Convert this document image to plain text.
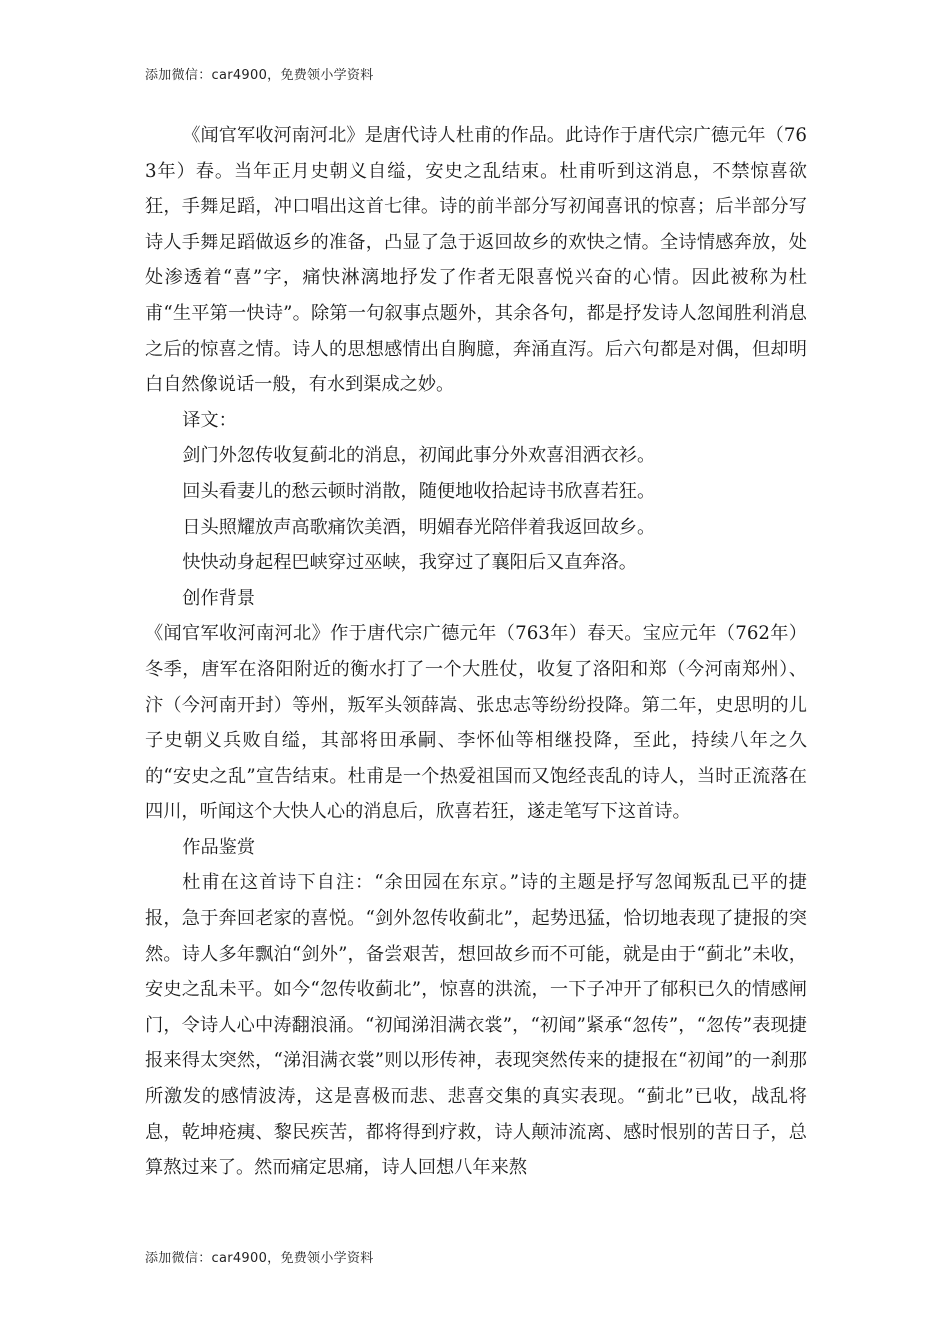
添加微信：car4900，免费领小学资料

《闻官军收河南河北》是唐代诗人杜甫的作品。此诗作于唐代宗广德元年（763年）春。当年正月史朝义自缢，安史之乱结束。杜甫听到这消息，不禁惊喜欲狂，手舞足蹈，冲口唱出这首七律。诗的前半部分写初闻喜讯的惊喜；后半部分写诗人手舞足蹈做返乡的准备，凸显了急于返回故乡的欢快之情。全诗情感奔放，处处渗透着“喜”字，痛快淋漓地抒发了作者无限喜悦兴奋的心情。因此被称为杜甫“生平第一快诗”。除第一句叙事点题外，其余各句，都是抒发诗人忽闻胜利消息之后的惊喜之情。诗人的思想感情出自胸臆，奔涌直泻。后六句都是对偶，但却明白自然像说话一般，有水到渠成之妙。

译文：

剑门外忽传收复蓟北的消息，初闻此事分外欢喜泪洒衣衫。

回头看妻儿的愁云顿时消散，随便地收拾起诗书欣喜若狂。

日头照耀放声高歌痛饮美酒，明媚春光陪伴着我返回故乡。

快快动身起程巴峡穿过巫峡，我穿过了襄阳后又直奔洛。

创作背景

《闻官军收河南河北》作于唐代宗广德元年（763年）春天。宝应元年（762年）冬季，唐军在洛阳附近的衡水打了一个大胜仗，收复了洛阳和郑（今河南郑州）、汴（今河南开封）等州，叛军头领薛嵩、张忠志等纷纷投降。第二年，史思明的儿子史朝义兵败自缢，其部将田承嗣、李怀仙等相继投降，至此，持续八年之久的“安史之乱”宣告结束。杜甫是一个热爱祖国而又饱经丧乱的诗人，当时正流落在四川，听闻这个大快人心的消息后，欣喜若狂，遂走笔写下这首诗。

作品鉴赏

杜甫在这首诗下自注：“余田园在东京。”诗的主题是抒写忽闻叛乱已平的捷报，急于奔回老家的喜悦。“剑外忽传收蓟北”，起势迅猛，恰切地表现了捷报的突然。诗人多年飘泊“剑外”，备尝艰苦，想回故乡而不可能，就是由于“蓟北”未收，安史之乱未平。如今“忽传收蓟北”，惊喜的洪流，一下子冲开了郁积已久的情感闸门，令诗人心中涛翻浪涌。“初闻涕泪满衣裳”，“初闻”紧承“忽传”，“忽传”表现捷报来得太突然，“涕泪满衣裳”则以形传神，表现突然传来的捷报在“初闻”的一刹那所激发的感情波涛，这是喜极而悲、悲喜交集的真实表现。“蓟北”已收，战乱将息，乾坤疮痍、黎民疾苦，都将得到疗救，诗人颠沛流离、感时恨别的苦日子，总算熬过来了。然而痛定思痛，诗人回想八年来熬

添加微信：car4900，免费领小学资料
